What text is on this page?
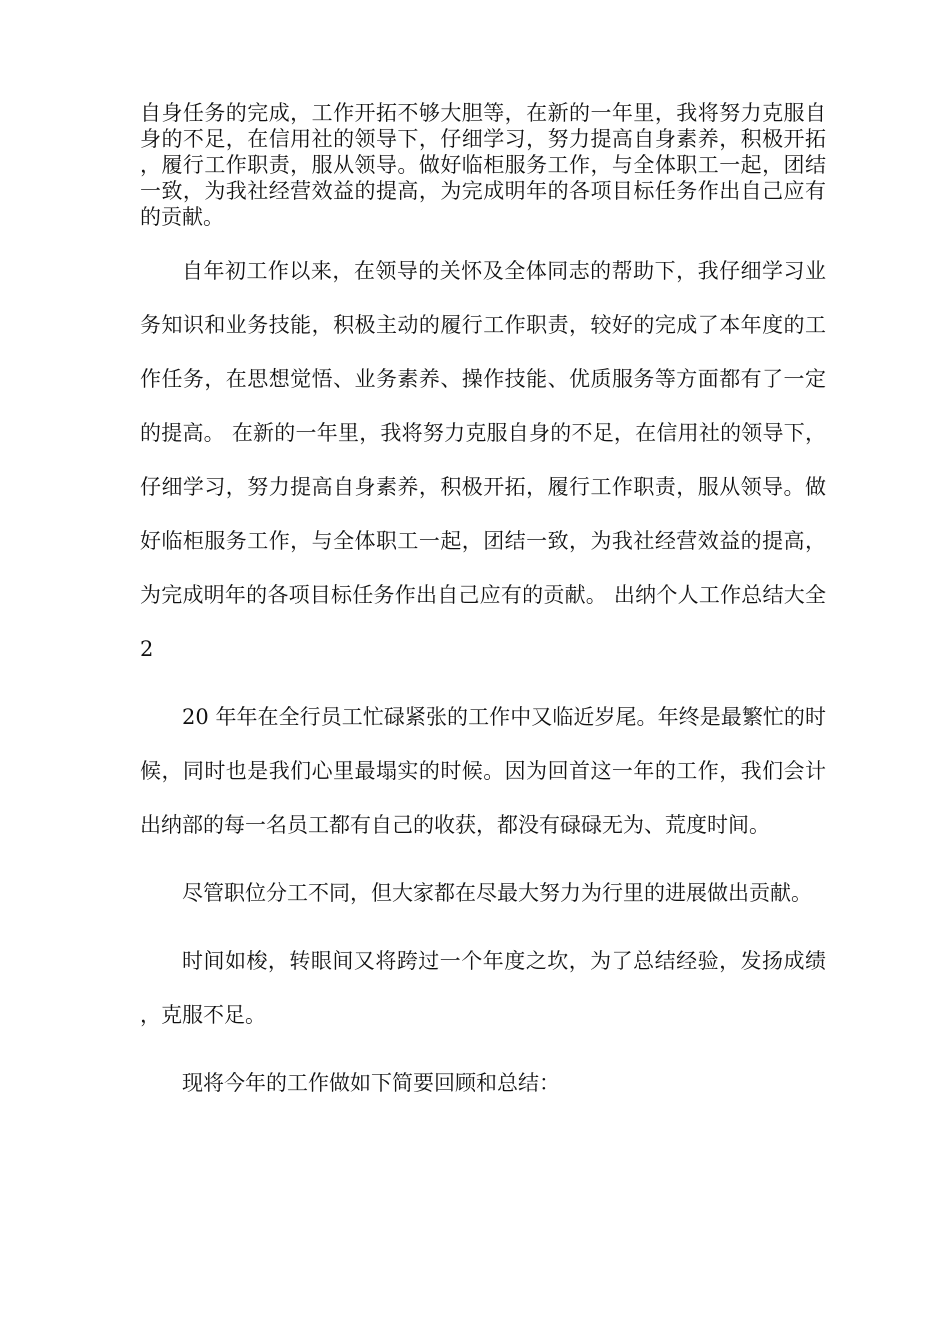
自身任务的完成，工作开拓不够大胆等，在新的一年里，我将努力克服自身的不足，在信用社的领导下，仔细学习，努力提高自身素养，积极开拓，履行工作职责，服从领导。做好临柜服务工作，与全体职工一起，团结一致，为我社经营效益的提高，为完成明年的各项目标任务作出自己应有的贡献。

自年初工作以来，在领导的关怀及全体同志的帮助下，我仔细学习业务知识和业务技能，积极主动的履行工作职责，较好的完成了本年度的工作任务，在思想觉悟、业务素养、操作技能、优质服务等方面都有了一定的提高。 在新的一年里，我将努力克服自身的不足，在信用社的领导下，仔细学习，努力提高自身素养，积极开拓，履行工作职责，服从领导。做好临柜服务工作，与全体职工一起，团结一致，为我社经营效益的提高，为完成明年的各项目标任务作出自己应有的贡献。 出纳个人工作总结大全2

20 年年在全行员工忙碌紧张的工作中又临近岁尾。年终是最繁忙的时候，同时也是我们心里最塌实的时候。因为回首这一年的工作，我们会计出纳部的每一名员工都有自己的收获，都没有碌碌无为、荒度时间。

尽管职位分工不同，但大家都在尽最大努力为行里的进展做出贡献。

时间如梭，转眼间又将跨过一个年度之坎，为了总结经验，发扬成绩，克服不足。

现将今年的工作做如下简要回顾和总结：
